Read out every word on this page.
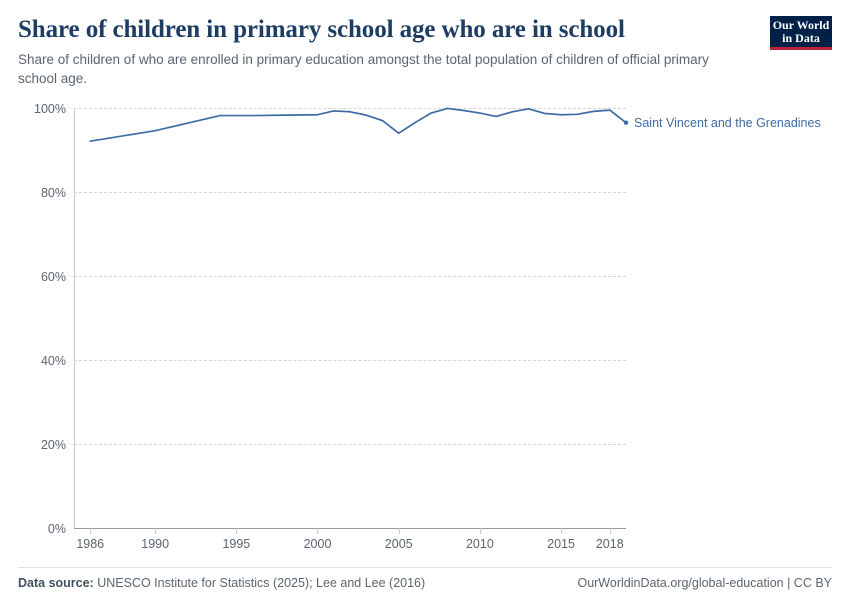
Share of children in primary school age who are in school

Share of children of who are enrolled in primary education amongst the total population of children of official primary school age.

Our World
in Data
0%
20%
40%
60%
80%
100%
1986	1990	1995	2000	2005	2010	2015 2018
Saint Vincent and the Grenadines
Data source: UNESCO Institute for Statistics (2025); Lee and Lee (2016)	OurWorldinData.org/global-education | CC BY
